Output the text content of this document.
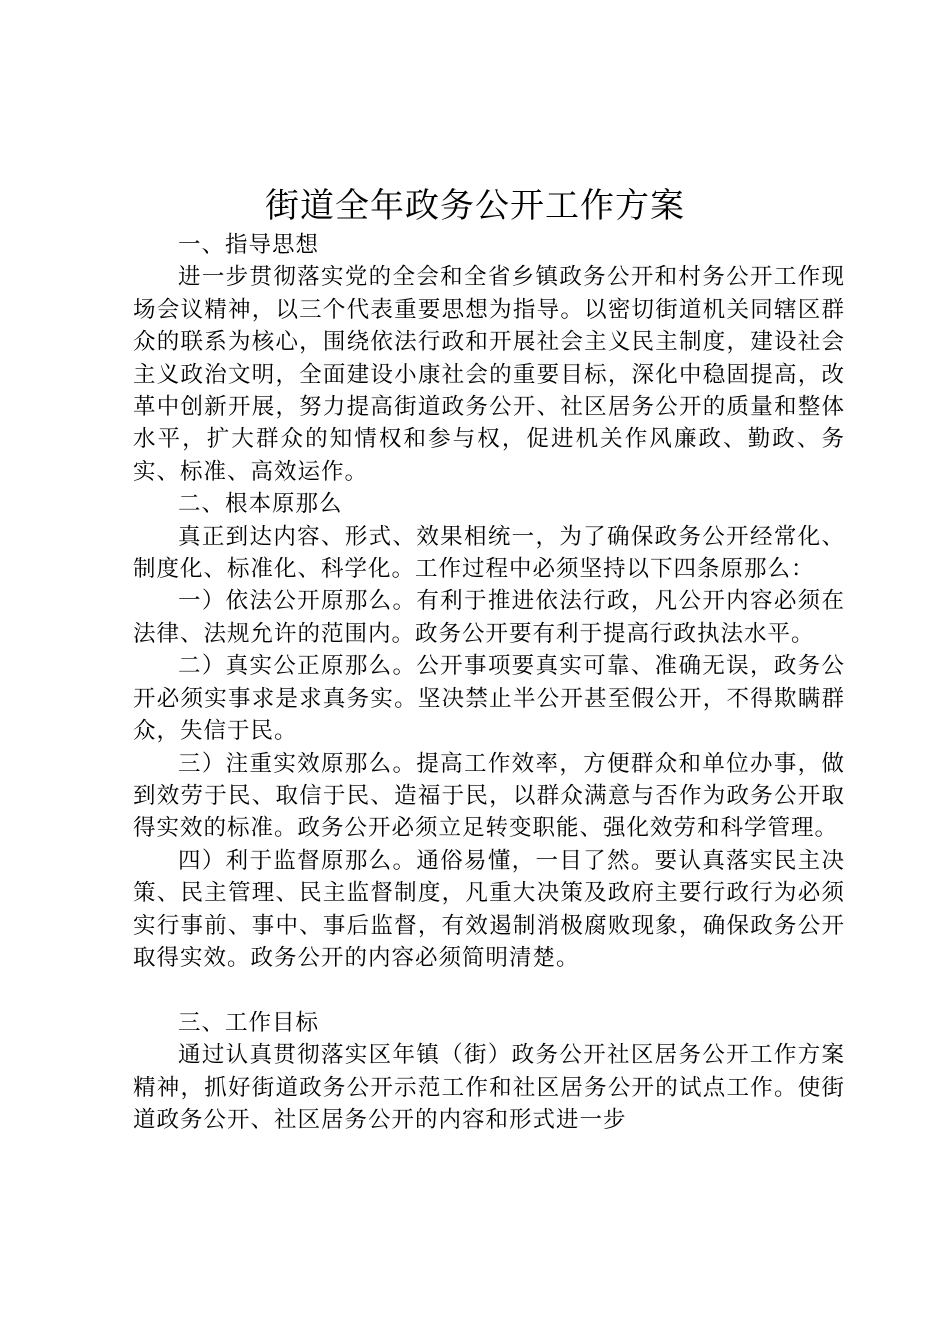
街道全年政务公开工作方案

一、指导思想

进一步贯彻落实党的全会和全省乡镇政务公开和村务公开工作现场会议精神，以三个代表重要思想为指导。以密切街道机关同辖区群众的联系为核心，围绕依法行政和开展社会主义民主制度，建设社会主义政治文明，全面建设小康社会的重要目标，深化中稳固提高，改革中创新开展，努力提高街道政务公开、社区居务公开的质量和整体水平，扩大群众的知情权和参与权，促进机关作风廉政、勤政、务实、标准、高效运作。

二、根本原那么

真正到达内容、形式、效果相统一，为了确保政务公开经常化、制度化、标准化、科学化。工作过程中必须坚持以下四条原那么：

一）依法公开原那么。有利于推进依法行政，凡公开内容必须在法律、法规允许的范围内。政务公开要有利于提高行政执法水平。

二）真实公正原那么。公开事项要真实可靠、准确无误，政务公开必须实事求是求真务实。坚决禁止半公开甚至假公开，不得欺瞒群众，失信于民。

三）注重实效原那么。提高工作效率，方便群众和单位办事，做到效劳于民、取信于民、造福于民，以群众满意与否作为政务公开取得实效的标准。政务公开必须立足转变职能、强化效劳和科学管理。

四）利于监督原那么。通俗易懂，一目了然。要认真落实民主决策、民主管理、民主监督制度，凡重大决策及政府主要行政行为必须实行事前、事中、事后监督，有效遏制消极腐败现象，确保政务公开取得实效。政务公开的内容必须简明清楚。

三、工作目标

通过认真贯彻落实区年镇（街）政务公开社区居务公开工作方案精神，抓好街道政务公开示范工作和社区居务公开的试点工作。使街道政务公开、社区居务公开的内容和形式进一步
